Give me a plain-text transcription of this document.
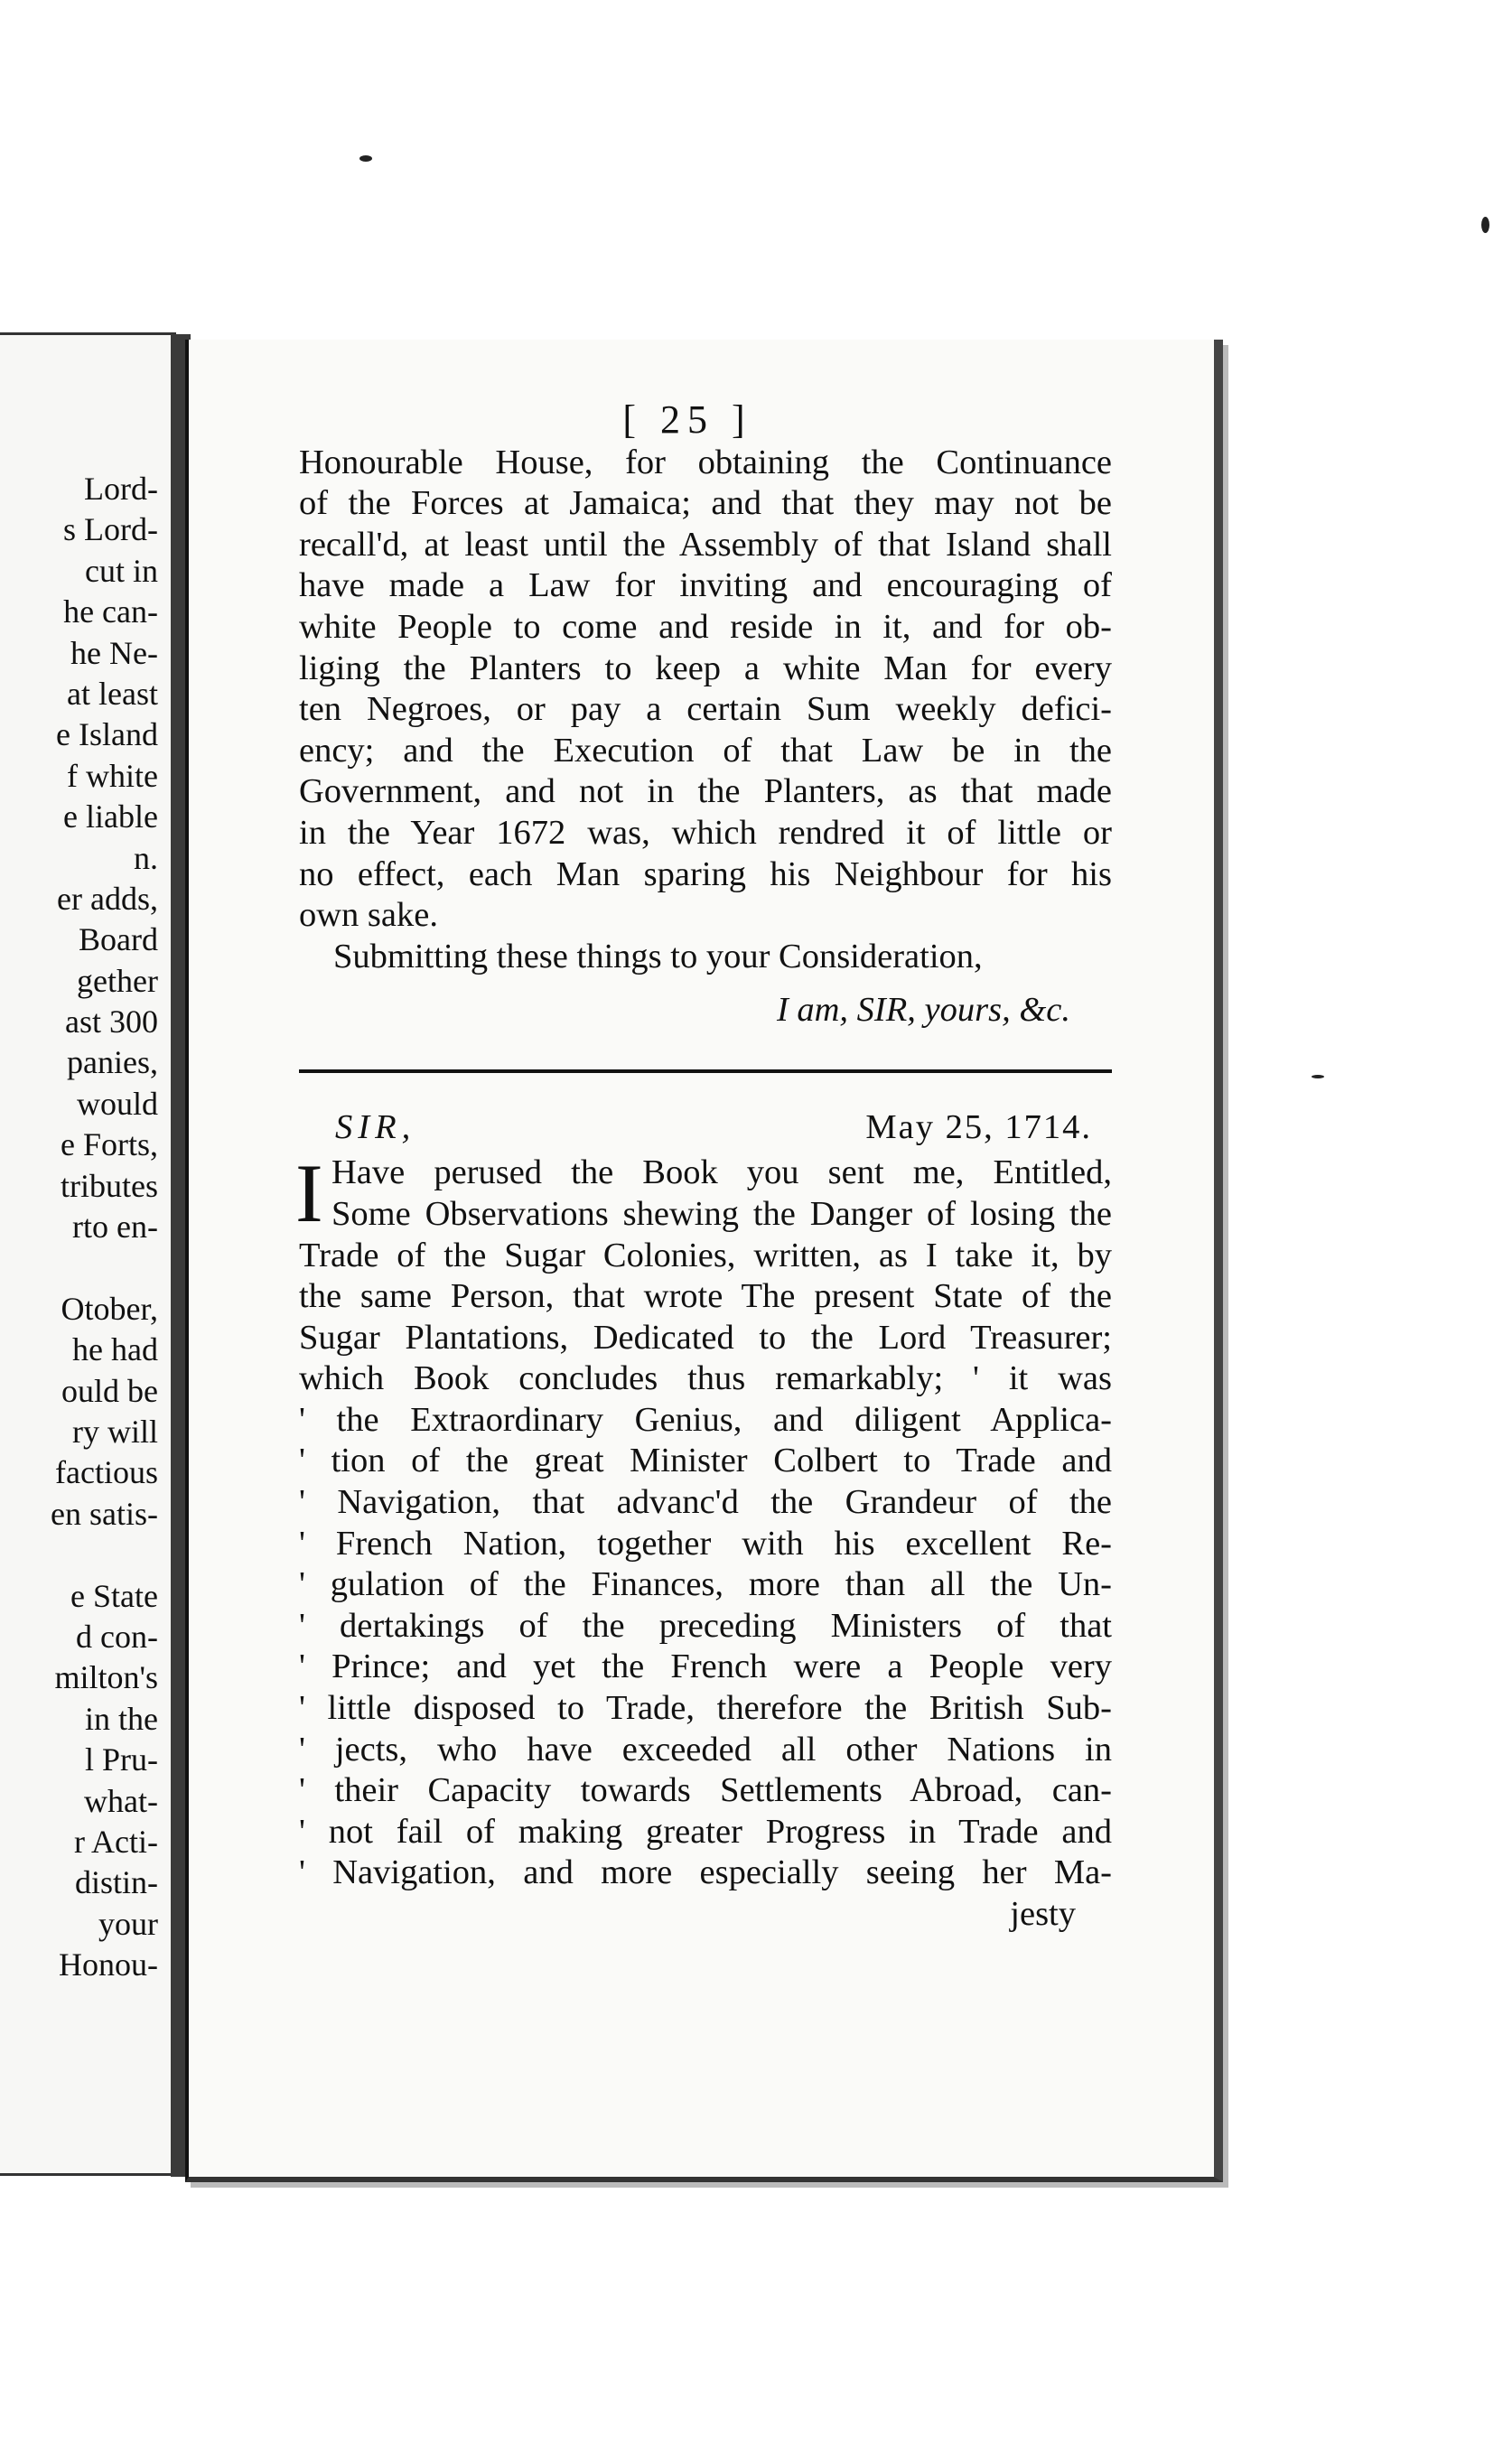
Lord-
s Lord-
cut in
he can-
he Ne-
at least
e Island
f white
e liable
n.
er adds,
Board
gether
ast 300
panies,
would
e Forts,
tributes
rto en-
Otober,
he had
ould be
ry will
factious
en satis-
e State
d con-
milton's
in the
l Pru-
what-
r Acti-
distin-
your
Honou-
[ 25 ]
Honourable House, for obtaining the Continuance
of the Forces at Jamaica; and that they may not be
recall'd, at least until the Assembly of that Island shall
have made a Law for inviting and encouraging of
white People to come and reside in it, and for ob-
liging the Planters to keep a white Man for every
ten Negroes, or pay a certain Sum weekly defici-
ency; and the Execution of that Law be in the
Government, and not in the Planters, as that made
in the Year 1672 was, which rendred it of little or
no effect, each Man sparing his Neighbour for his
own sake.
Submitting these things to your Consideration,
I am, SIR, yours, &c.
SIR,	May 25, 1714.
I Have perused the Book you sent me, Entitled,
Some Observations shewing the Danger of losing the
Trade of the Sugar Colonies, written, as I take it, by
the same Person, that wrote The present State of the
Sugar Plantations, Dedicated to the Lord Treasurer;
which Book concludes thus remarkably; ' it was
' the Extraordinary Genius, and diligent Applica-
' tion of the great Minister Colbert to Trade and
' Navigation, that advanc'd the Grandeur of the
' French Nation, together with his excellent Re-
' gulation of the Finances, more than all the Un-
' dertakings of the preceding Ministers of that
' Prince; and yet the French were a People very
' little disposed to Trade, therefore the British Sub-
' jects, who have exceeded all other Nations in
' their Capacity towards Settlements Abroad, can-
' not fail of making greater Progress in Trade and
' Navigation, and more especially seeing her Ma-
jesty
